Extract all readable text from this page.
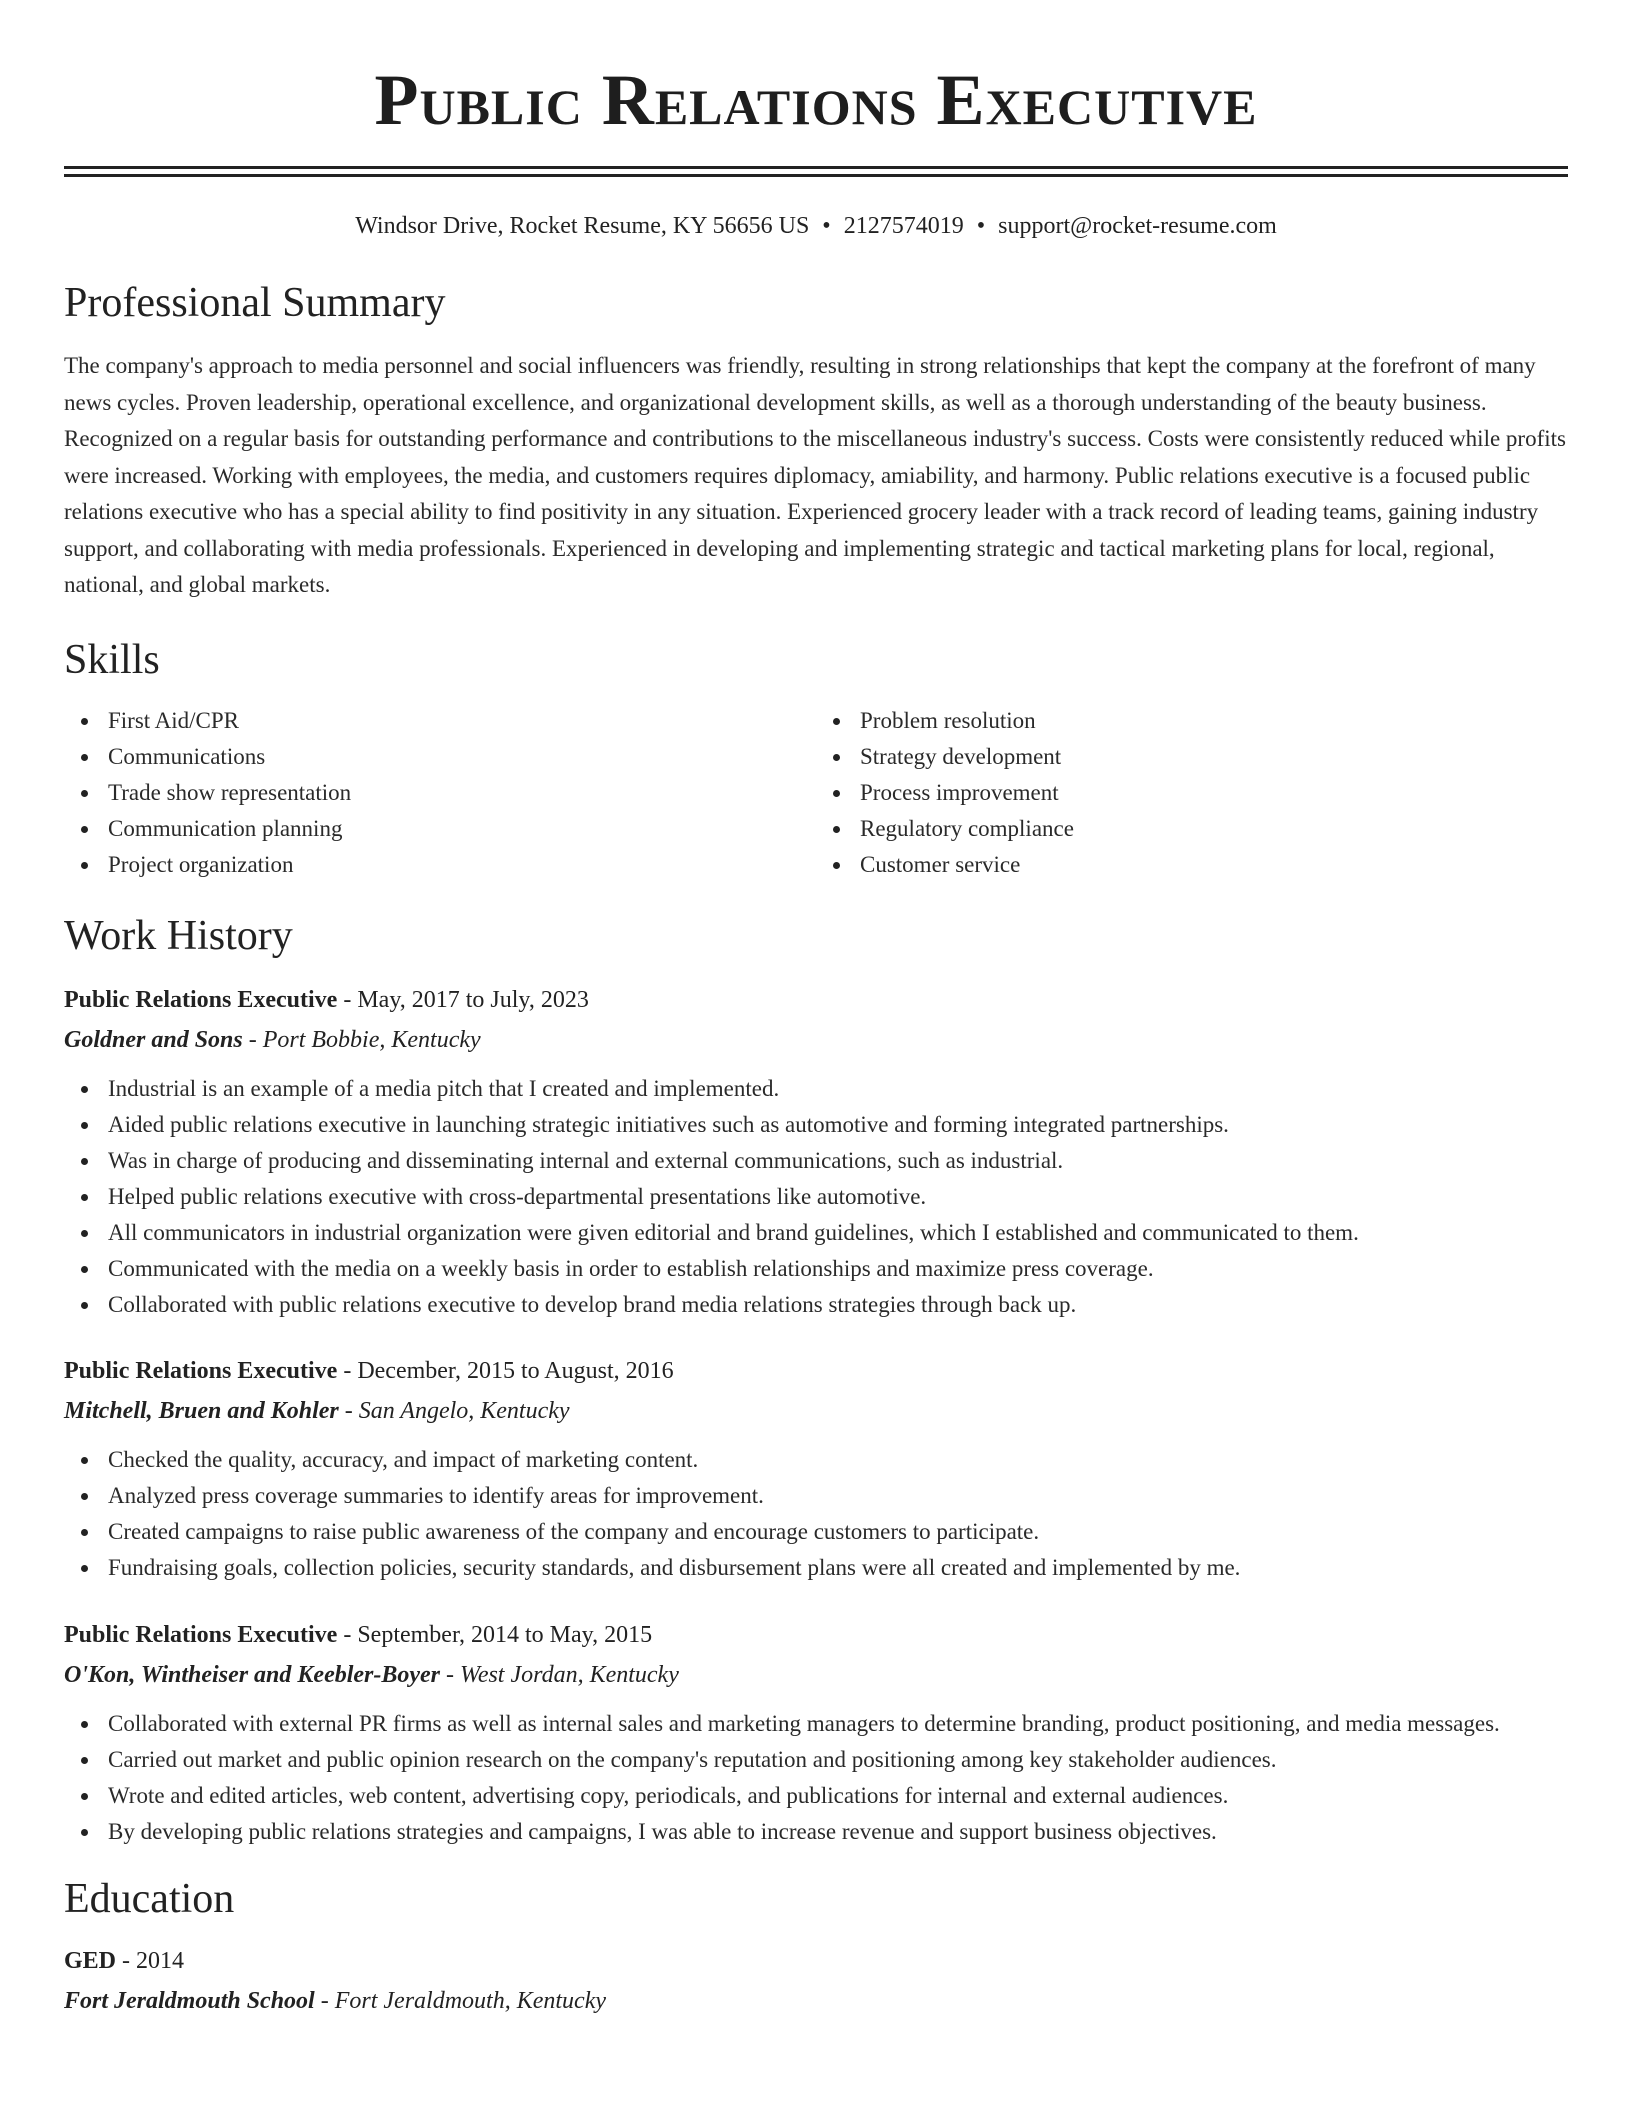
Public Relations Executive
Windsor Drive, Rocket Resume, KY 56656 US • 2127574019 • support@rocket-resume.com
Professional Summary

The company's approach to media personnel and social influencers was friendly, resulting in strong relationships that kept the company at the forefront of many news cycles. Proven leadership, operational excellence, and organizational development skills, as well as a thorough understanding of the beauty business. Recognized on a regular basis for outstanding performance and contributions to the miscellaneous industry's success. Costs were consistently reduced while profits were increased. Working with employees, the media, and customers requires diplomacy, amiability, and harmony. Public relations executive is a focused public relations executive who has a special ability to find positivity in any situation. Experienced grocery leader with a track record of leading teams, gaining industry support, and collaborating with media professionals. Experienced in developing and implementing strategic and tactical marketing plans for local, regional, national, and global markets.

Skills
First Aid/CPR
Communications
Trade show representation
Communication planning
Project organization
Problem resolution
Strategy development
Process improvement
Regulatory compliance
Customer service
Work History
Public Relations Executive - May, 2017 to July, 2023
Goldner and Sons - Port Bobbie, Kentucky
Industrial is an example of a media pitch that I created and implemented.
Aided public relations executive in launching strategic initiatives such as automotive and forming integrated partnerships.
Was in charge of producing and disseminating internal and external communications, such as industrial.
Helped public relations executive with cross-departmental presentations like automotive.
All communicators in industrial organization were given editorial and brand guidelines, which I established and communicated to them.
Communicated with the media on a weekly basis in order to establish relationships and maximize press coverage.
Collaborated with public relations executive to develop brand media relations strategies through back up.
Public Relations Executive - December, 2015 to August, 2016
Mitchell, Bruen and Kohler - San Angelo, Kentucky
Checked the quality, accuracy, and impact of marketing content.
Analyzed press coverage summaries to identify areas for improvement.
Created campaigns to raise public awareness of the company and encourage customers to participate.
Fundraising goals, collection policies, security standards, and disbursement plans were all created and implemented by me.
Public Relations Executive - September, 2014 to May, 2015
O'Kon, Wintheiser and Keebler-Boyer - West Jordan, Kentucky
Collaborated with external PR firms as well as internal sales and marketing managers to determine branding, product positioning, and media messages.
Carried out market and public opinion research on the company's reputation and positioning among key stakeholder audiences.
Wrote and edited articles, web content, advertising copy, periodicals, and publications for internal and external audiences.
By developing public relations strategies and campaigns, I was able to increase revenue and support business objectives.
Education
GED - 2014
Fort Jeraldmouth School - Fort Jeraldmouth, Kentucky
